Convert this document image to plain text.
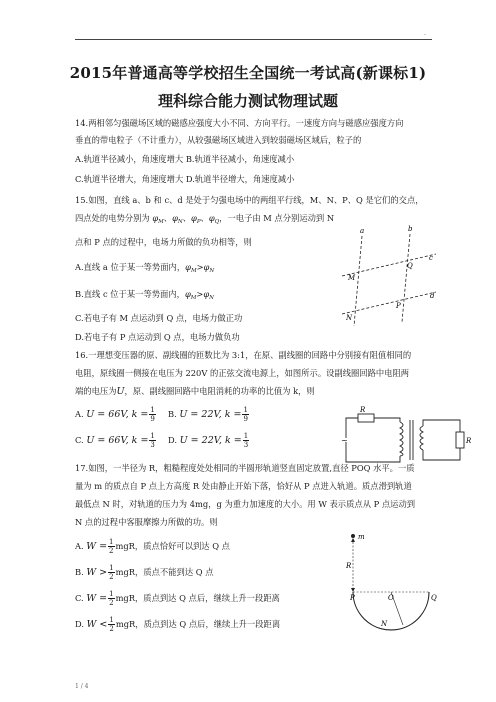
.
2015年普通高等学校招生全国统一考试高(新课标1)
理科综合能力测试物理试题
14.两相邻匀强磁场区域的磁感应强度大小不同、方向平行。一速度方向与磁感应强度方向
垂直的带电粒子（不计重力），从较强磁场区域进入到较弱磁场区域后，粒子的
A.轨道半径减小，角速度增大 B.轨道半径减小，角速度减小
C.轨道半径增大，角速度增大 D.轨道半径增大，角速度减小
15.如图，直线 a、b 和 c、d 是处于匀强电场中的两组平行线，M、N、P、Q 是它们的交点，
四点处的电势分别为 $\varphi_M$、$\varphi_N$、$\varphi_P$、$\varphi_Q$，一电子由 M 点分别运动到 N
点和 P 点的过程中，电场力所做的负功相等，则
A.直线 a 位于某一等势面内，$\varphi_M>\varphi_N$
B.直线 c 位于某一等势面内，$\varphi_M>\varphi_N$
C.若电子有 M 点运动到 Q 点，电场力做正功
D.若电子有 P 点运动到 Q 点，电场力做负功
a	b
c
d
M
Q
P
N
16.一理想变压器的原、副线圈的匝数比为 3:1，在原、副线圈的回路中分别接有阻值相同的
电阻，原线圈一侧接在电压为 220V 的正弦交流电源上，如图所示。设副线圈回路中电阻两
端的电压为U，原、副线圈回路中电阻消耗的功率的比值为 k，则
A. U = 66V, $k = \frac{1}{9} B$. U = 22V, $k = \frac{1}{9}$
C. U = 66V, $k = \frac{1}{3} D$. U = 22V, $k = \frac{1}{3}$	~
R
R
17.如图，一半径为 R，粗糙程度处处相同的半圆形轨道竖直固定放置,直径 POQ 水平。一质
量为 m 的质点自 P 点上方高度 R 处由静止开始下落，恰好从 P 点进入轨道。质点滑到轨道
最低点 N 时，对轨道的压力为 4mg，g 为重力加速度的大小。用 W 表示质点从 P 点运动到
N 点的过程中客服摩擦力所做的功。则
A. $W = \frac{1}{2}$ mgR，质点恰好可以到达 Q 点
B. $W > \frac{1}{2}$ mgR，质点不能到达 Q 点
C. $W = \frac{1}{2}$ mgR，质点到达 Q 点后，继续上升一段距离
D. $W < \frac{1}{2}$ mgR，质点到达 Q 点后，继续上升一段距离
m
R
P	O	Q
N
1 / 4
